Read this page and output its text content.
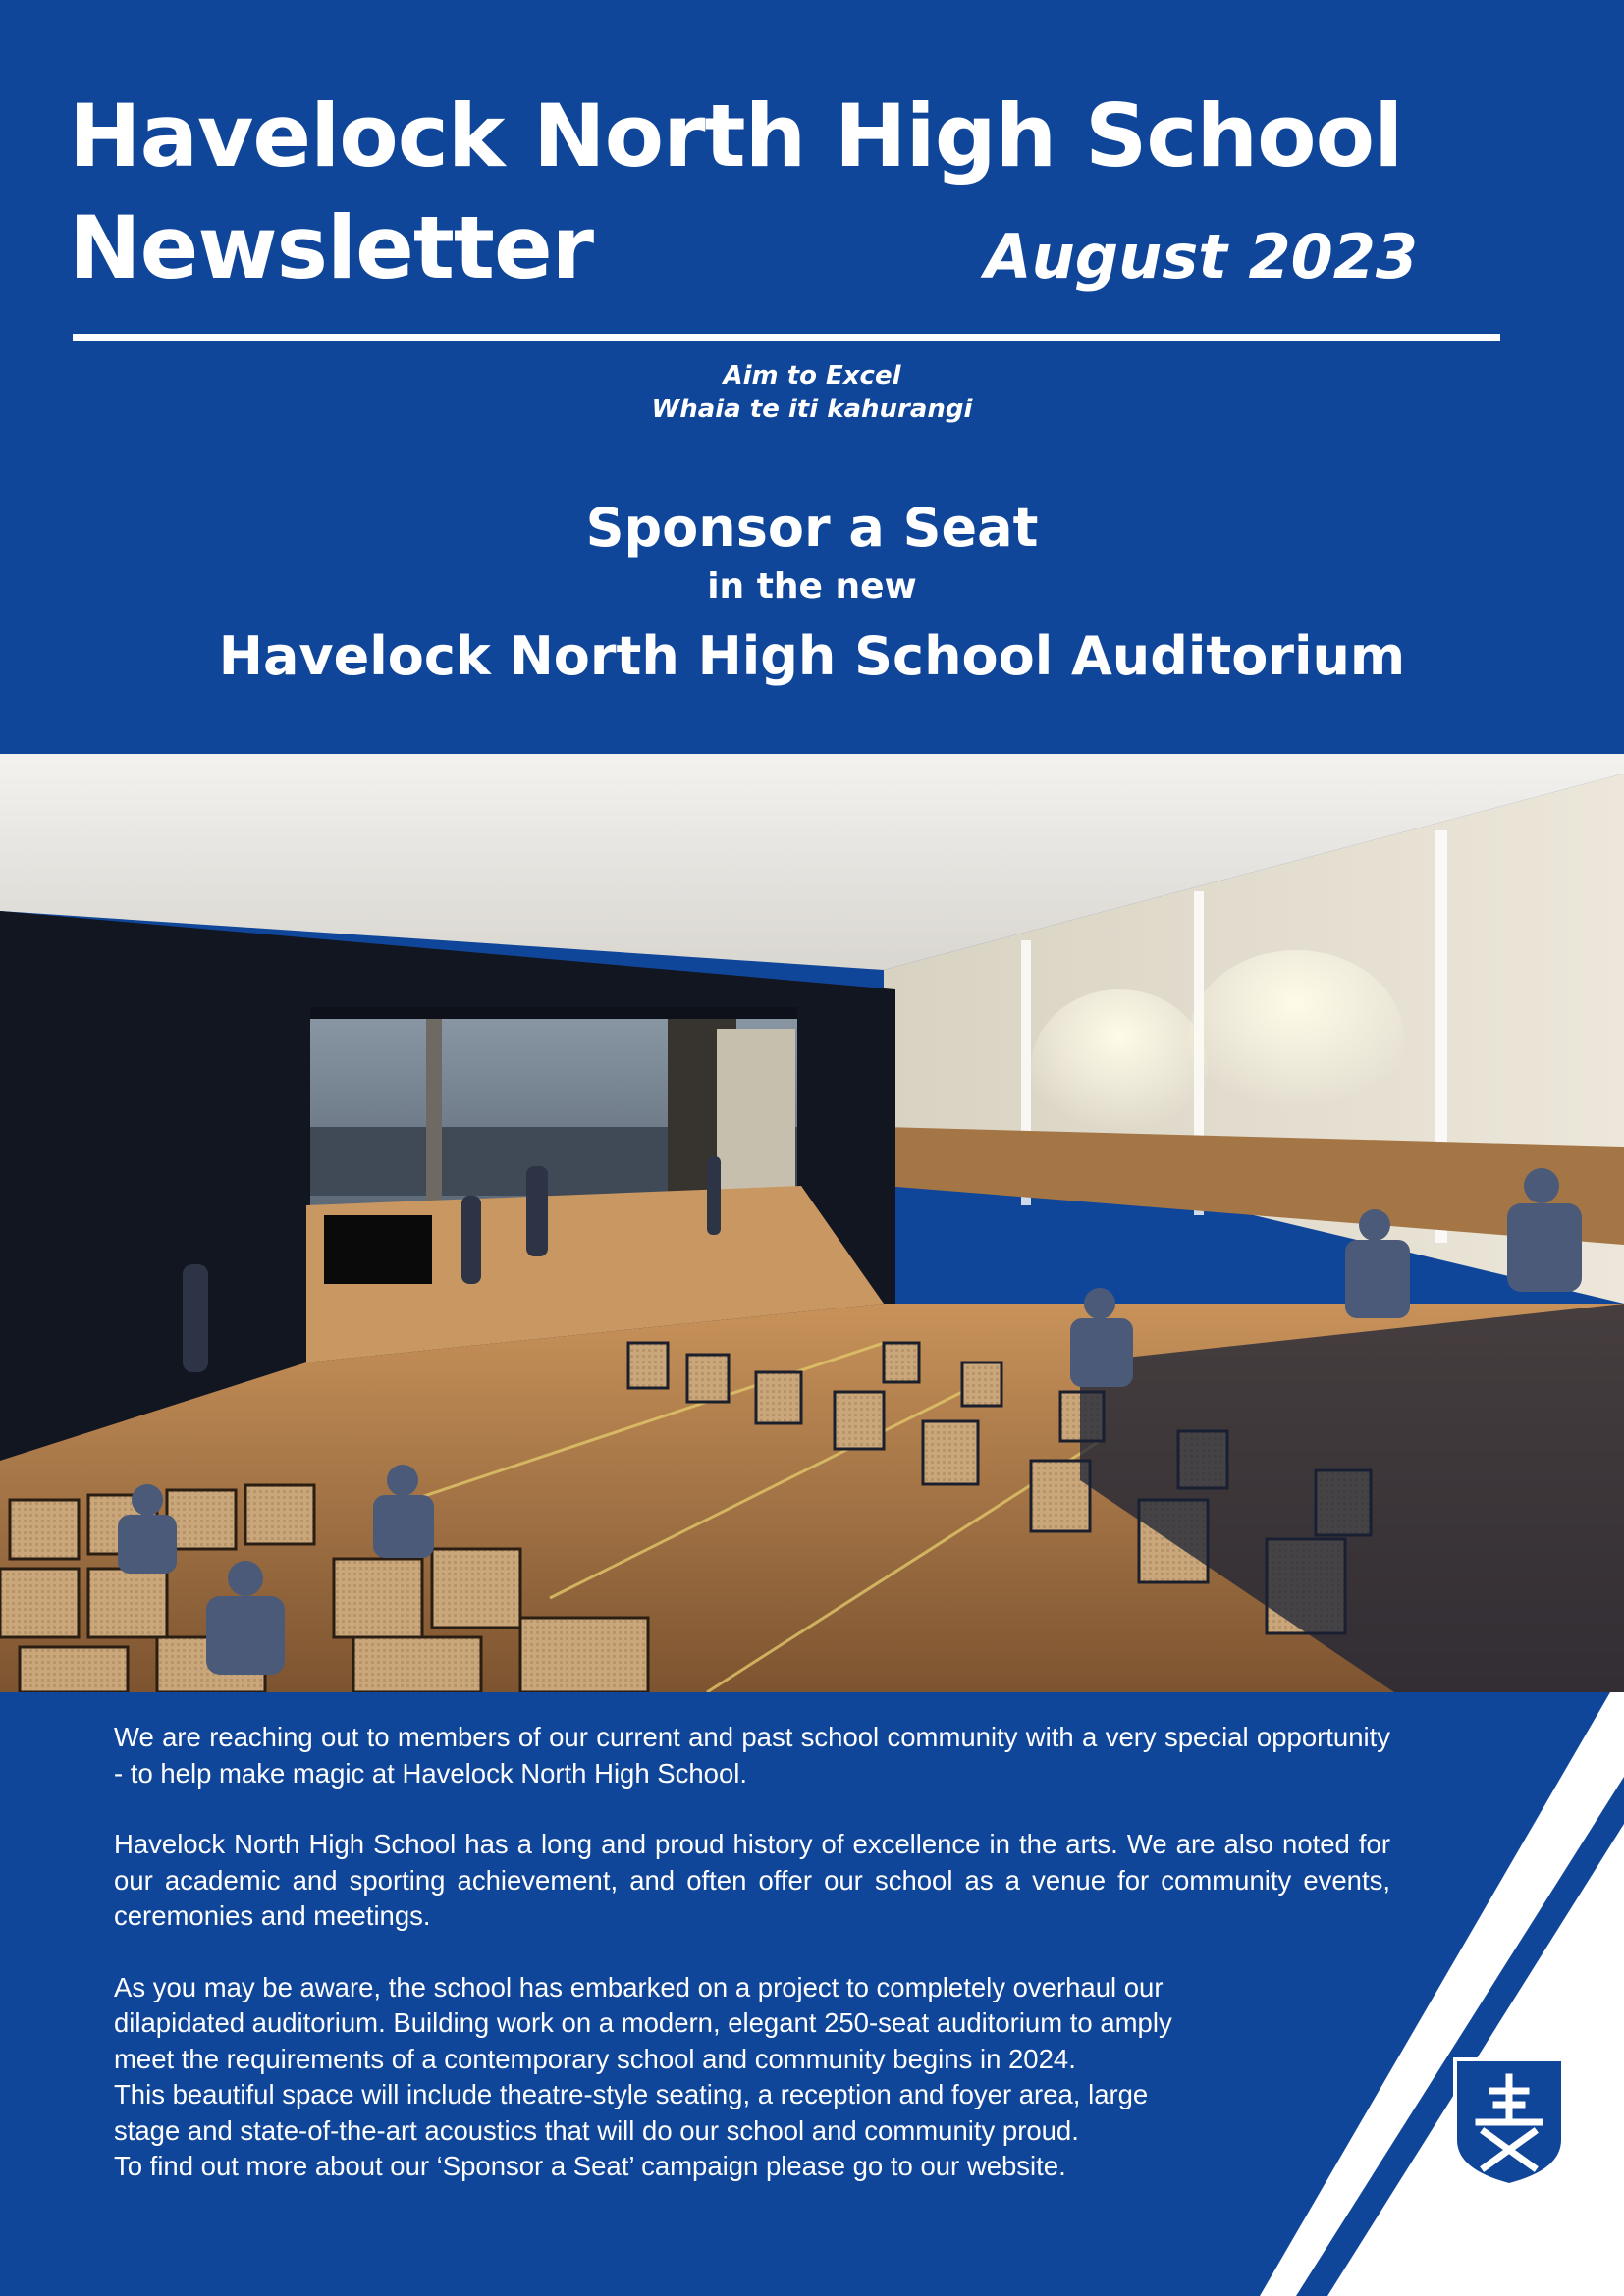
Havelock North High School
Newsletter	August 2023
Aim to Excel
Whaia te iti kahurangi
Sponsor a Seat
in the new
Havelock North High School Auditorium

We are reaching out to members of our current and past school community with a very special opportunity - to help make magic at Havelock North High School.

Havelock North High School has a long and proud history of excellence in the arts. We are also noted for our academic and sporting achievement, and often offer our school as a venue for community events, ceremonies and meetings.

As you may be aware, the school has embarked on a project to completely overhaul our
dilapidated auditorium. Building work on a modern, elegant 250-seat auditorium to amply
meet the requirements of a contemporary school and community begins in 2024.
This beautiful space will include theatre-style seating, a reception and foyer area, large
stage and state-of-the-art acoustics that will do our school and community proud.
To find out more about our ‘Sponsor a Seat’ campaign please go to our website.
